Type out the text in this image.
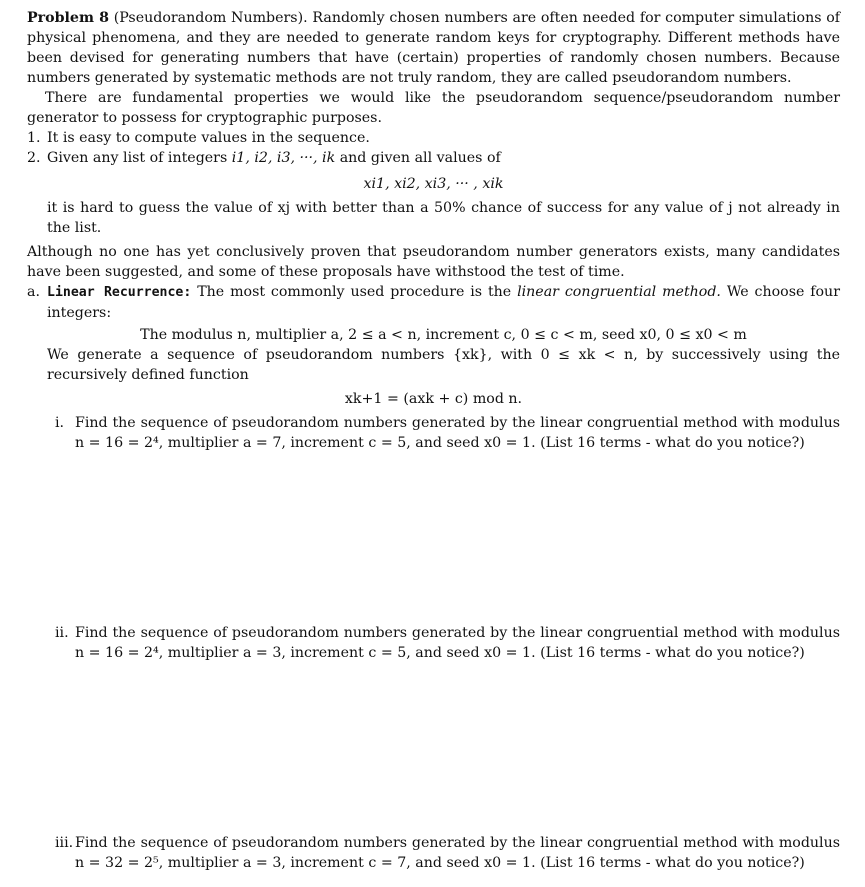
Problem 8 (Pseudorandom Numbers). Randomly chosen numbers are often needed for computer simulations of physical phenomena, and they are needed to generate random keys for cryptography. Different methods have been devised for generating numbers that have (certain) properties of randomly chosen numbers. Because numbers generated by systematic methods are not truly random, they are called pseudorandom numbers.

There are fundamental properties we would like the pseudorandom sequence/pseudorandom number generator to possess for cryptographic purposes.

1. It is easy to compute values in the sequence.
2. Given any list of integers i1, i2, i3, ···, ik and given all values of

xi1, xi2, xi3, ··· , xik

it is hard to guess the value of xj with better than a 50% chance of success for any value of j not already in the list.

Although no one has yet conclusively proven that pseudorandom number generators exists, many candidates have been suggested, and some of these proposals have withstood the test of time.

a. Linear Recurrence: The most commonly used procedure is the linear congruential method. We choose four integers:

The modulus n, multiplier a, 2 ≤ a < n, increment c, 0 ≤ c < m, seed x0, 0 ≤ x0 < m

We generate a sequence of pseudorandom numbers {xk}, with 0 ≤ xk < n, by successively using the recursively defined function

xk+1 = (axk + c) mod n.

i. Find the sequence of pseudorandom numbers generated by the linear congruential method with modulus n = 16 = 2⁴, multiplier a = 7, increment c = 5, and seed x0 = 1. (List 16 terms - what do you notice?)
ii. Find the sequence of pseudorandom numbers generated by the linear congruential method with modulus n = 16 = 2⁴, multiplier a = 3, increment c = 5, and seed x0 = 1. (List 16 terms - what do you notice?)
iii. Find the sequence of pseudorandom numbers generated by the linear congruential method with modulus n = 32 = 2⁵, multiplier a = 3, increment c = 7, and seed x0 = 1. (List 16 terms - what do you notice?)
